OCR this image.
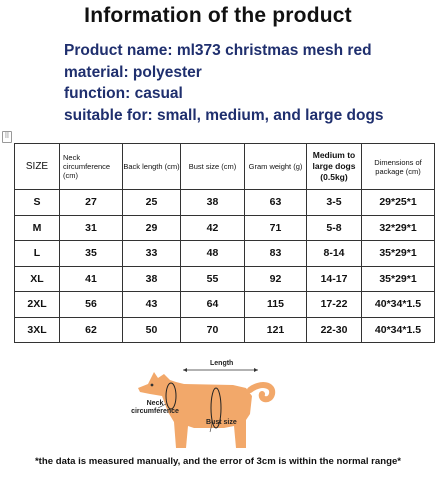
Information of the product
Product name: ml373 christmas mesh red
material: polyester
function: casual
suitable for: small, medium, and large dogs
⠿
SIZE	Neck circumference (cm)	Back length (cm)	Bust size (cm)	Gram weight (g)	Medium to large dogs (0.5kg)	Dimensions of package (cm)
S	27	25	38	63	3-5	29*25*1
M	31	29	42	71	5-8	32*29*1
L	35	33	48	83	8-14	35*29*1
XL	41	38	55	92	14-17	35*29*1
2XL	56	43	64	115	17-22	40*34*1.5
3XL	62	50	70	121	22-30	40*34*1.5
Length
Neck circumference
Bust size
*the data is measured manually, and the error of 3cm is within the normal range*
